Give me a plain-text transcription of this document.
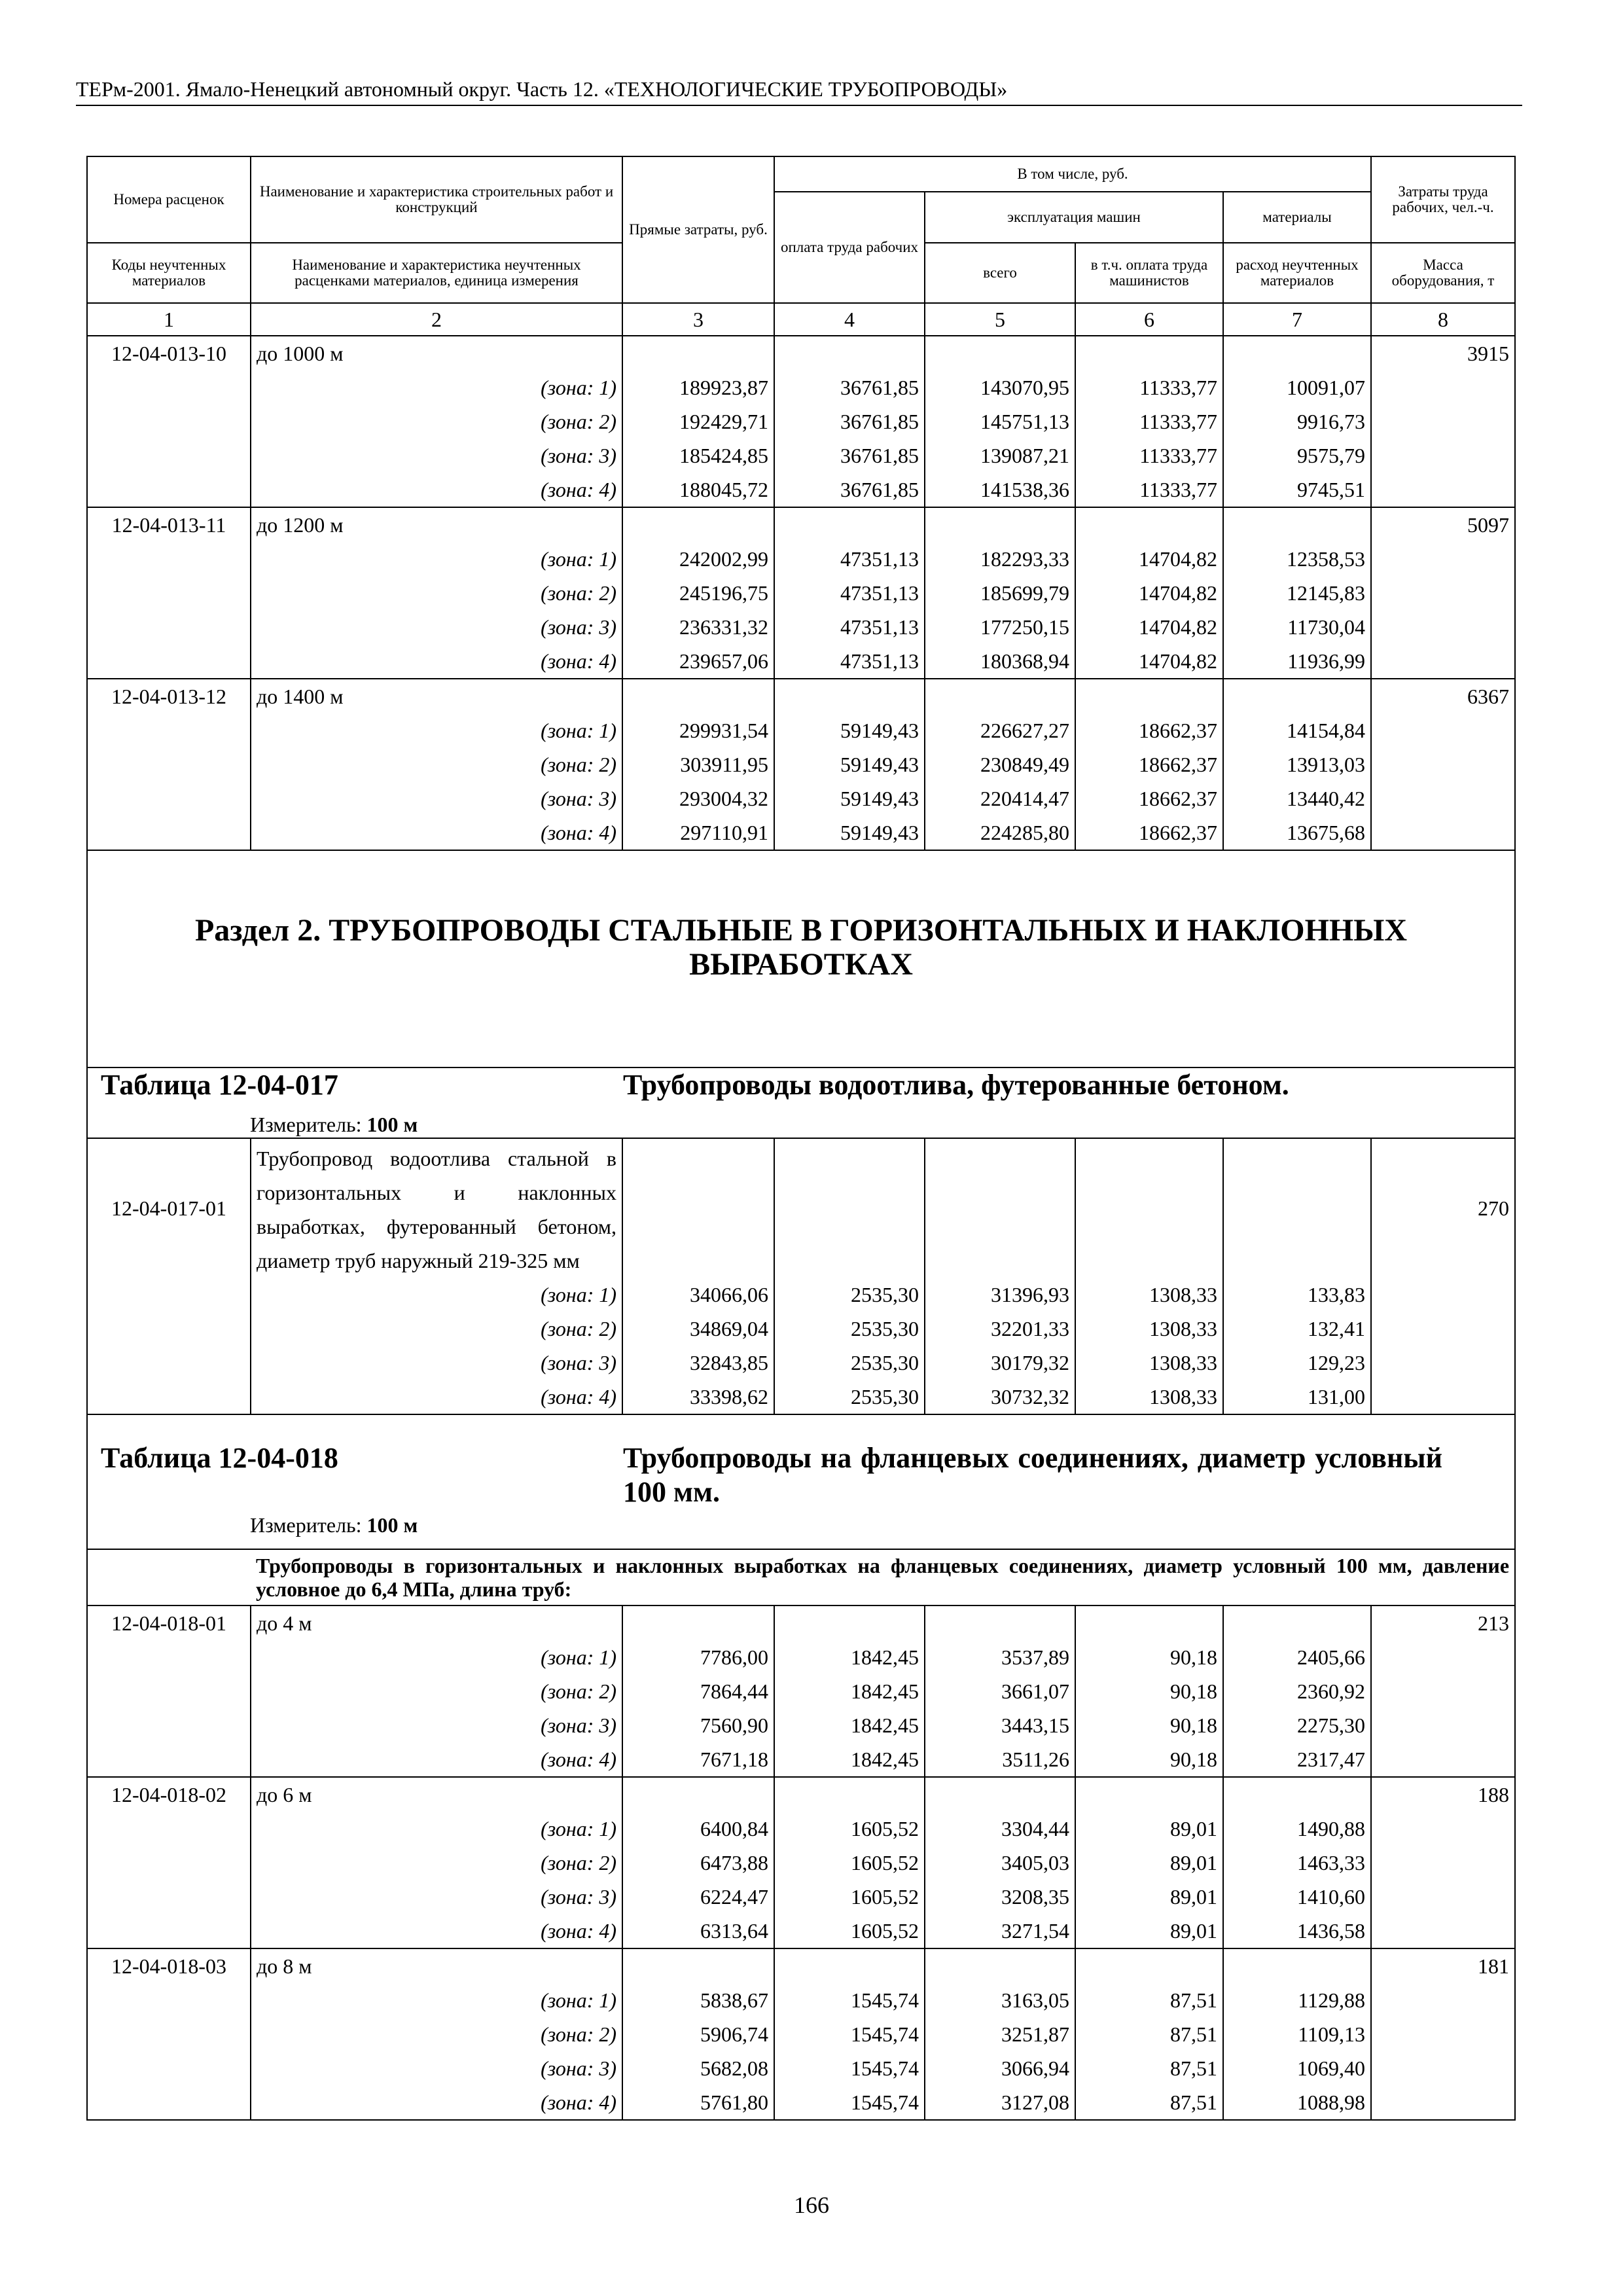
ТЕРм-2001. Ямало-Ненецкий автономный округ. Часть 12. «ТЕХНОЛОГИЧЕСКИЕ ТРУБОПРОВОДЫ»
Номера расценок	Наименование и характеристика строительных работ и конструкций	Прямые затраты, руб.	В том числе, руб.				Затраты труда рабочих, чел.-ч.
			оплата труда рабочих	эксплуатация машин		материалы	
Коды неучтенных материалов	Наименование и характеристика неучтенных расценками материалов, единица измерения			всего	в т.ч. оплата труда машинистов	расход неучтенных материалов	Масса оборудования, т
1	2	3	4	5	6	7	8
12-04-013-10	до 1000 м						3915
	(зона: 1)	189923,87	36761,85	143070,95	11333,77	10091,07	
	(зона: 2)	192429,71	36761,85	145751,13	11333,77	9916,73	
	(зона: 3)	185424,85	36761,85	139087,21	11333,77	9575,79	
	(зона: 4)	188045,72	36761,85	141538,36	11333,77	9745,51	
12-04-013-11	до 1200 м						5097
	(зона: 1)	242002,99	47351,13	182293,33	14704,82	12358,53	
	(зона: 2)	245196,75	47351,13	185699,79	14704,82	12145,83	
	(зона: 3)	236331,32	47351,13	177250,15	14704,82	11730,04	
	(зона: 4)	239657,06	47351,13	180368,94	14704,82	11936,99	
12-04-013-12	до 1400 м						6367
	(зона: 1)	299931,54	59149,43	226627,27	18662,37	14154,84	
	(зона: 2)	303911,95	59149,43	230849,49	18662,37	13913,03	
	(зона: 3)	293004,32	59149,43	220414,47	18662,37	13440,42	
	(зона: 4)	297110,91	59149,43	224285,80	18662,37	13675,68	

Раздел 2. ТРУБОПРОВОДЫ СТАЛЬНЫЕ В ГОРИЗОНТАЛЬНЫХ И НАКЛОННЫХ ВЫРАБОТКАХ							

Таблица 12-04-017 Трубопроводы водоотлива, футерованные бетоном.
Измеритель: 100 м							

12-04-017-01	Трубопровод водоотлива стальной в горизонтальных и наклонных выработках, футерованный бетоном, диаметр труб наружный 219-325 мм						270
	(зона: 1)	34066,06	2535,30	31396,93	1308,33	133,83	
	(зона: 2)	34869,04	2535,30	32201,33	1308,33	132,41	
	(зона: 3)	32843,85	2535,30	30179,32	1308,33	129,23	
	(зона: 4)	33398,62	2535,30	30732,32	1308,33	131,00	

Таблица 12-04-018 Трубопроводы на фланцевых соединениях, диаметр условный 100 мм.
Измеритель: 100 м							

	Трубопроводы в горизонтальных и наклонных выработках на фланцевых соединениях, диаметр условный 100 мм, давление условное до 6,4 МПа, длина труб:						
12-04-018-01	до 4 м						213
	(зона: 1)	7786,00	1842,45	3537,89	90,18	2405,66	
	(зона: 2)	7864,44	1842,45	3661,07	90,18	2360,92	
	(зона: 3)	7560,90	1842,45	3443,15	90,18	2275,30	
	(зона: 4)	7671,18	1842,45	3511,26	90,18	2317,47	
12-04-018-02	до 6 м						188
	(зона: 1)	6400,84	1605,52	3304,44	89,01	1490,88	
	(зона: 2)	6473,88	1605,52	3405,03	89,01	1463,33	
	(зона: 3)	6224,47	1605,52	3208,35	89,01	1410,60	
	(зона: 4)	6313,64	1605,52	3271,54	89,01	1436,58	
12-04-018-03	до 8 м						181
	(зона: 1)	5838,67	1545,74	3163,05	87,51	1129,88	
	(зона: 2)	5906,74	1545,74	3251,87	87,51	1109,13	
	(зона: 3)	5682,08	1545,74	3066,94	87,51	1069,40	
	(зона: 4)	5761,80	1545,74	3127,08	87,51	1088,98	
166
